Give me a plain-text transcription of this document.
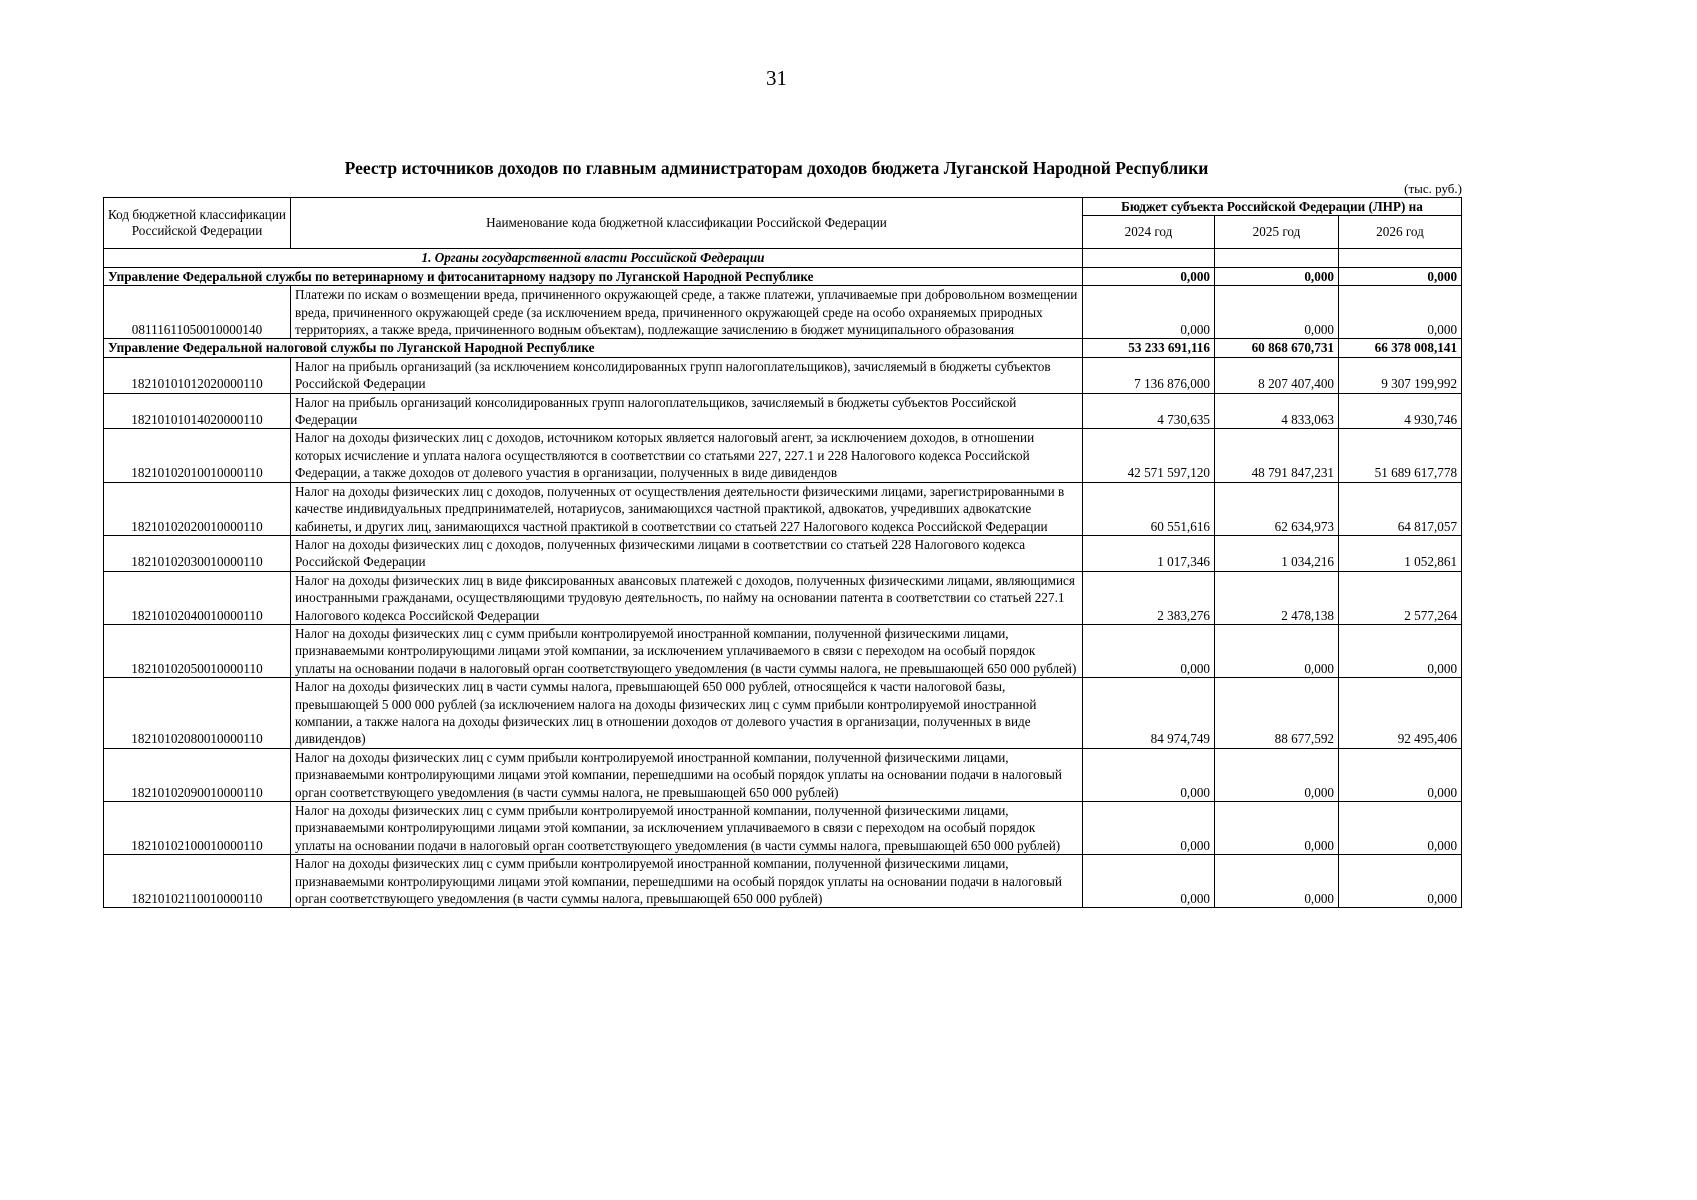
31
Реестр источников доходов по главным администраторам доходов бюджета Луганской Народной Республики
(тыс. руб.)
Код бюджетной классификации Российской Федерации	Наименование кода бюджетной классификации Российской Федерации	Бюджет субъекта Российской Федерации (ЛНР) на		
		2024 год	2025 год	2026 год
1. Органы государственной власти Российской Федерации				
Управление Федеральной службы по ветеринарному и фитосанитарному надзору по Луганской Народной Республике		0,000	0,000	0,000
08111611050010000140	Платежи по искам о возмещении вреда, причиненного окружающей среде, а также платежи, уплачиваемые при добровольном возмещении вреда, причиненного окружающей среде (за исключением вреда, причиненного окружающей среде на особо охраняемых природных территориях, а также вреда, причиненного водным объектам), подлежащие зачислению в бюджет муниципального образования	0,000	0,000	0,000
Управление Федеральной налоговой службы по Луганской Народной Республике		53 233 691,116	60 868 670,731	66 378 008,141
18210101012020000110	Налог на прибыль организаций (за исключением консолидированных групп налогоплательщиков), зачисляемый в бюджеты субъектов Российской Федерации	7 136 876,000	8 207 407,400	9 307 199,992
18210101014020000110	Налог на прибыль организаций консолидированных групп налогоплательщиков, зачисляемый в бюджеты субъектов Российской Федерации	4 730,635	4 833,063	4 930,746
18210102010010000110	Налог на доходы физических лиц с доходов, источником которых является налоговый агент, за исключением доходов, в отношении которых исчисление и уплата налога осуществляются в соответствии со статьями 227, 227.1 и 228 Налогового кодекса Российской Федерации, а также доходов от долевого участия в организации, полученных в виде дивидендов	42 571 597,120	48 791 847,231	51 689 617,778
18210102020010000110	Налог на доходы физических лиц с доходов, полученных от осуществления деятельности физическими лицами, зарегистрированными в качестве индивидуальных предпринимателей, нотариусов, занимающихся частной практикой, адвокатов, учредивших адвокатские кабинеты, и других лиц, занимающихся частной практикой в соответствии со статьей 227 Налогового кодекса Российской Федерации	60 551,616	62 634,973	64 817,057
18210102030010000110	Налог на доходы физических лиц с доходов, полученных физическими лицами в соответствии со статьей 228 Налогового кодекса Российской Федерации	1 017,346	1 034,216	1 052,861
18210102040010000110	Налог на доходы физических лиц в виде фиксированных авансовых платежей с доходов, полученных физическими лицами, являющимися иностранными гражданами, осуществляющими трудовую деятельность, по найму на основании патента в соответствии со статьей 227.1 Налогового кодекса Российской Федерации	2 383,276	2 478,138	2 577,264
18210102050010000110	Налог на доходы физических лиц с сумм прибыли контролируемой иностранной компании, полученной физическими лицами, признаваемыми контролирующими лицами этой компании, за исключением уплачиваемого в связи с переходом на особый порядок уплаты на основании подачи в налоговый орган соответствующего уведомления (в части суммы налога, не превышающей 650 000 рублей)	0,000	0,000	0,000
18210102080010000110	Налог на доходы физических лиц в части суммы налога, превышающей 650 000 рублей, относящейся к части налоговой базы, превышающей 5 000 000 рублей (за исключением налога на доходы физических лиц с сумм прибыли контролируемой иностранной компании, а также налога на доходы физических лиц в отношении доходов от долевого участия в организации, полученных в виде дивидендов)	84 974,749	88 677,592	92 495,406
18210102090010000110	Налог на доходы физических лиц с сумм прибыли контролируемой иностранной компании, полученной физическими лицами, признаваемыми контролирующими лицами этой компании, перешедшими на особый порядок уплаты на основании подачи в налоговый орган соответствующего уведомления (в части суммы налога, не превышающей 650 000 рублей)	0,000	0,000	0,000
18210102100010000110	Налог на доходы физических лиц с сумм прибыли контролируемой иностранной компании, полученной физическими лицами, признаваемыми контролирующими лицами этой компании, за исключением уплачиваемого в связи с переходом на особый порядок уплаты на основании подачи в налоговый орган соответствующего уведомления (в части суммы налога, превышающей 650 000 рублей)	0,000	0,000	0,000
18210102110010000110	Налог на доходы физических лиц с сумм прибыли контролируемой иностранной компании, полученной физическими лицами, признаваемыми контролирующими лицами этой компании, перешедшими на особый порядок уплаты на основании подачи в налоговый орган соответствующего уведомления (в части суммы налога, превышающей 650 000 рублей)	0,000	0,000	0,000
